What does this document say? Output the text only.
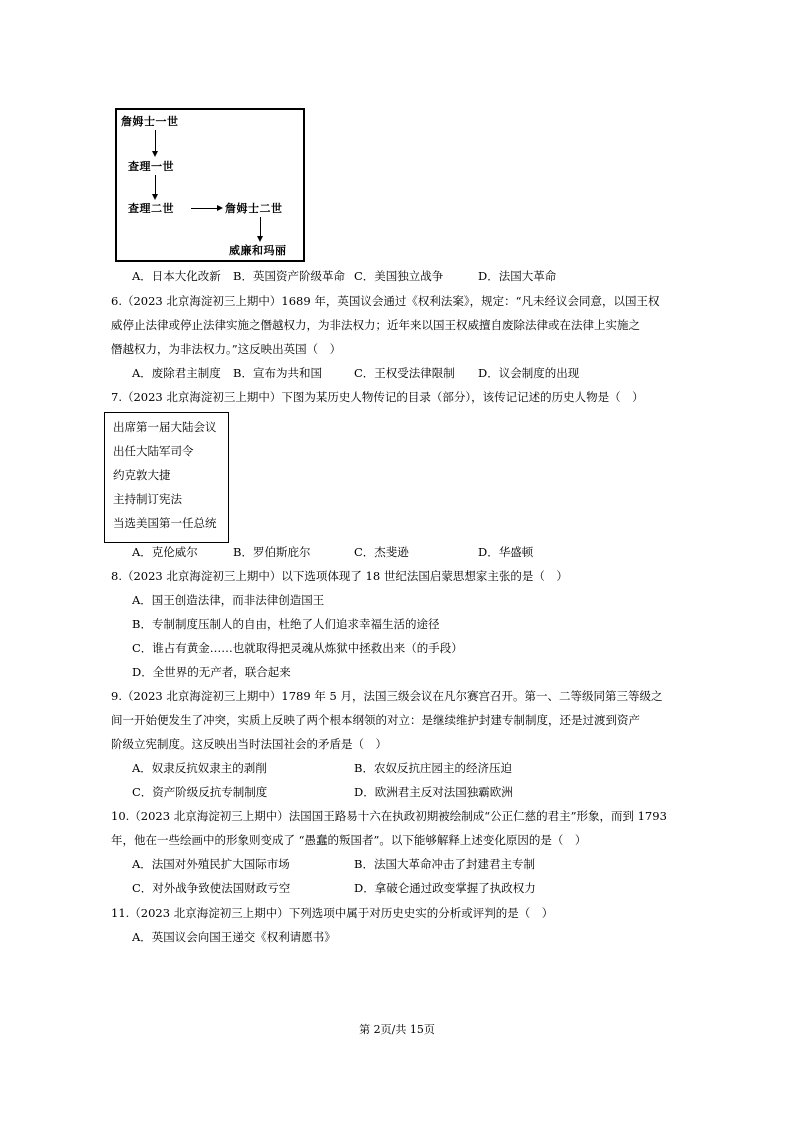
詹姆士一世
查理一世
查理二世	詹姆士二世
威廉和玛丽
A．日本大化改新 B．英国资产阶级革命 C．美国独立战争	D．法国大革命
6.（2023 北京海淀初三上期中）1689 年，英国议会通过《权利法案》，规定：“凡未经议会同意，以国王权
威停止法律或停止法律实施之僭越权力，为非法权力；近年来以国王权威擅自废除法律或在法律上实施之
僭越权力，为非法权力。”这反映出英国（　）
A．废除君主制度 B．宣布为共和国	C．王权受法律限制 D．议会制度的出现
7.（2023 北京海淀初三上期中）下图为某历史人物传记的目录（部分），该传记记述的历史人物是（　）
出席第一届大陆会议
出任大陆军司令
约克敦大捷
主持制订宪法
当选美国第一任总统
A．克伦威尔	B．罗伯斯庇尔	C．杰斐逊	D．华盛顿
8.（2023 北京海淀初三上期中）以下选项体现了 18 世纪法国启蒙思想家主张的是（　）
A．国王创造法律，而非法律创造国王
B．专制制度压制人的自由，杜绝了人们追求幸福生活的途径
C．谁占有黄金……也就取得把灵魂从炼狱中拯救出来（的手段）
D．全世界的无产者，联合起来
9.（2023 北京海淀初三上期中）1789 年 5 月，法国三级会议在凡尔赛宫召开。第一、二等级同第三等级之
间一开始便发生了冲突，实质上反映了两个根本纲领的对立：是继续维护封建专制制度，还是过渡到资产
阶级立宪制度。这反映出当时法国社会的矛盾是（　）
A．奴隶反抗奴隶主的剥削	B．农奴反抗庄园主的经济压迫
C．资产阶级反抗专制制度	D．欧洲君主反对法国独霸欧洲
10.（2023 北京海淀初三上期中）法国国王路易十六在执政初期被绘制成“公正仁慈的君主”形象，而到 1793
年，他在一些绘画中的形象则变成了 “愚蠢的叛国者”。以下能够解释上述变化原因的是（　）
A．法国对外殖民扩大国际市场	B．法国大革命冲击了封建君主专制
C．对外战争致使法国财政亏空	D．拿破仑通过政变掌握了执政权力
11.（2023 北京海淀初三上期中）下列选项中属于对历史史实的分析或评判的是（　）
A．英国议会向国王递交《权利请愿书》
第 2页/共 15页
